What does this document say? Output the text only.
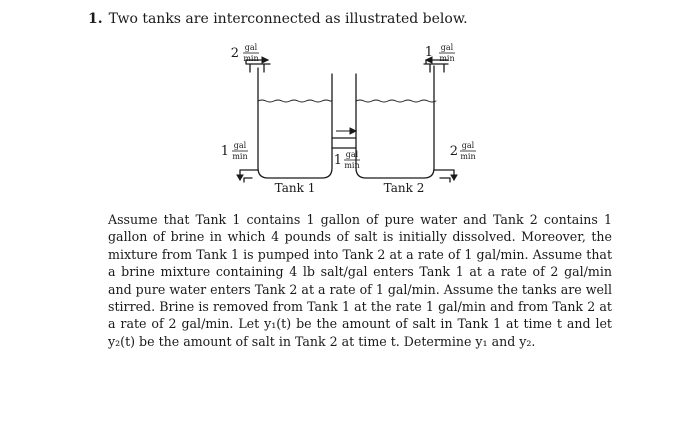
1. Two tanks are interconnected as illustrated below.
2 gal
min	1 gal
min
1 gal
min	1 gal
min
2 gal
min
Tank 1	Tank 2
Assume that Tank 1 contains 1 gallon of pure water and Tank 2 contains 1 gallon of brine in which 4 pounds of salt is initially dissolved. Moreover, the mixture from Tank 1 is pumped into Tank 2 at a rate of 1 gal/min. Assume that a brine mixture containing 4 lb salt/gal enters Tank 1 at a rate of 2 gal/min and pure water enters Tank 2 at a rate of 1 gal/min. Assume the tanks are well stirred. Brine is removed from Tank 1 at the rate 1 gal/min and from Tank 2 at a rate of 2 gal/min. Let y₁(t) be the amount of salt in Tank 1 at time t and let y₂(t) be the amount of salt in Tank 2 at time t. Determine y₁ and y₂.
